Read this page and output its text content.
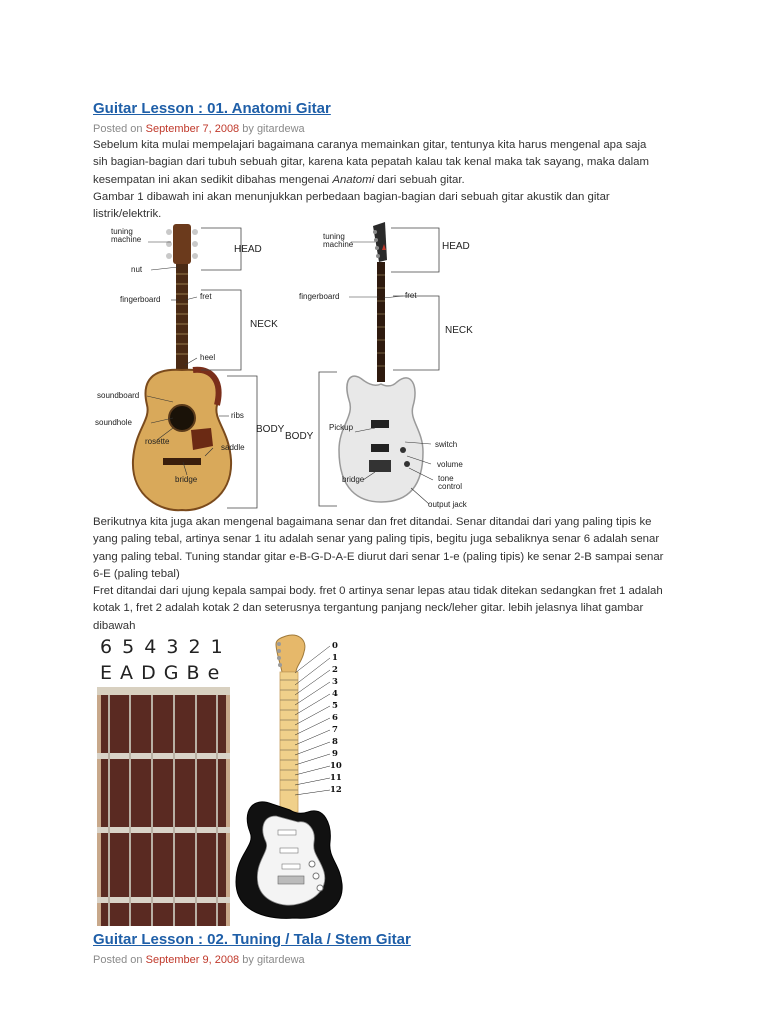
Guitar Lesson : 01. Anatomi Gitar
Posted on September 7, 2008 by gitardewa
Sebelum kita mulai mempelajari bagaimana caranya memainkan gitar, tentunya kita harus mengenal apa saja
sih bagian-bagian dari tubuh sebuah gitar, karena kata pepatah kalau tak kenal maka tak sayang, maka dalam
kesempatan ini akan sedikit dibahas mengenai Anatomi dari sebuah gitar.
Gambar 1 dibawah ini akan menunjukkan perbedaan bagian-bagian dari sebuah gitar akustik dan gitar
listrik/elektrik.
tuning
machine
nut
fingerboard	fret
heel
soundboard
soundhole
rosette
ribs
saddle
bridge
HEAD
NECK
BODY
tuning
machine
fingerboard	fret
Pickup
switch
volume
tone
control
bridge
output jack
HEAD
NECK
BODY
Berikutnya kita juga akan mengenal bagaimana senar dan fret ditandai. Senar ditandai dari yang paling tipis ke
yang paling tebal, artinya senar 1 itu adalah senar yang paling tipis, begitu juga sebaliknya senar 6 adalah senar
yang paling tebal. Tuning standar gitar e-B-G-D-A-E diurut dari senar 1-e (paling tipis) ke senar 2-B sampai senar
6-E (paling tebal)
Fret ditandai dari ujung kepala sampai body. fret 0 artinya senar lepas atau tidak ditekan sedangkan fret 1 adalah
kotak 1, fret 2 adalah kotak 2 dan seterusnya tergantung panjang neck/leher gitar. lebih jelasnya lihat gambar
dibawah
6 5 4 3 2 1
E A D G B e
0
1
2
3
4
5
6
7
8
9
10
11
12
Guitar Lesson : 02. Tuning / Tala / Stem Gitar
Posted on September 9, 2008 by gitardewa
